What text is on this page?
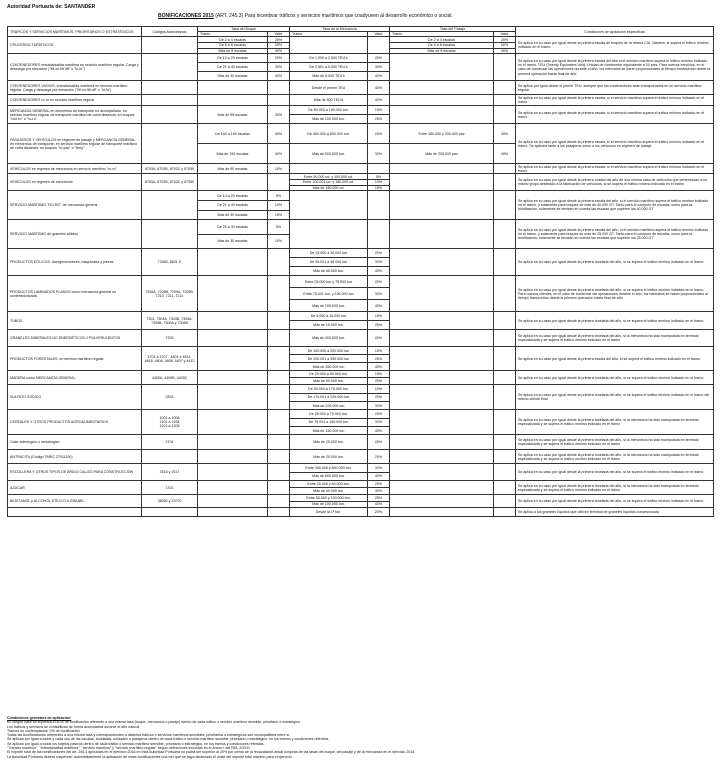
Autoridad Portuaria de: SANTANDER
BONIFICACIONES 2015 (ART. 245.3) Para incentivar tráficos y servicios marítimos que coadyuven al desarrollo económico o social.
TRÁFICOS Y SERVICIOS MARÍTIMOS, PRIORITARIOS O ESTRATÉGICOS	Códigos Arancelarios	Tasa del Buque		Tasa de la Mercancía		Tasa del Pasaje		Condiciones de aplicación específicas
		Tramo	Valor	Tramo	Valor	Tramo	Valor	
CRUCEROS TURÍSTICOS		De 2 a 4 escalas	20%			De 2 a 4 escalas	20%	Se aplica en su caso por igual desde la primera escala de buques de la misma CIA. Naviera, si supera el tráfico mínimo indicado en el tramo
		De 5 a 8 escalas	30%			De 5 a 8 escalas	30%	
		Más de 8 escalas	40%			Más de 8 escalas	40%	
CONTENEDORES entrada/salida marítima en servicio marítimo regular. Carga y descarga por elevación ("lift on-lift off" o "lo-lo")		De 10 a 20 escalas	20%	De 1.000 a 2.500 TEU's	20%			Se aplica en su caso por igual desde la primera escala del año si el servicio marítimo supera el tráfico mínimo indicado en el tramo. TEU (Twenty Equivalent Unit). Unidad de contenedor equivalente a 20 pies. Para nuevos servicios, en el caso de comenzar las operaciones durante el año, los intervalos se harán proporcionales al tiempo transcurrido desde la primera operación hasta final de año
		De 21 a 40 escalas	30%	De 2.501 a 5.000 TEU's	30%			
		Más de 40 escalas	40%	Más de 5.000 TEU's	40%			
CONTENEDORES VACÍOS, entrada/salida marítima en servicio marítimo regular. Carga y descarga por elevación ("lift on-lift off" o "lo-lo")				Desde el primer TEU	40%			Se aplica por igual desde el primer TEU, siempre que los contenedores sean transportados en un servicio marítimo regular
CONTENEDORES ro-ro en servicio marítimo regular				Más de 500 TEU's	40%			Se aplica en su caso por igual desde la primera escala, si el servicio marítimo supera el tráfico mínimo indicado en el tramo
MERCANCÍA GENERAL en elementos de transporte no acompañado, en servicio marítimo regular de transporte marítimo de corta distancia, en buques "con-ro" o "ro-ro"		Más de 95 escalas	30%	De 50.000 a 100.000 ton.	10%			Se aplica en su caso por igual desde la primera escala, si el servicio marítimo supera el tráfico mínimo indicado en el tramo
				Más de 100.000 ton.	20%			
PASAJEROS Y VEHÍCULOS en régimen de pasaje y MERCANCÍA GENERAL en elementos de transporte, en servicio marítimo regular de transporte marítimo de corta distancia, en buques "ro-pax" o "ferry"		De 150 a 190 escalas	30%	De 400.000 a 500.000 ton.	20%	Entre 180.000 y 200.000 pax	30%	Se aplica en su caso por igual desde la primera escala, si el servicio marítimo supera el tráfico mínimo indicado en el tramo. Se aplicará tanto a los pasajeros como a los vehículos en régimen de pasaje
		Más de 190 escalas	40%	Más de 500.000 ton.	30%	Más de 200.000 pax	40%	
VEHÍCULOS en régimen de mercancía en servicio marítimo "ro-ro"	8703A, 8703B, 8703C y 87050	Más de 90 escalas	10%					Se aplica en su caso por igual desde la primera escala, si el servicio marítimo supera el tráfico mínimo indicado en el tramo
VEHÍCULOS en régimen de mercancía	8703A, 8703B, 8703C y 87050			Entre 50.000 ud. y 100.000 ud.	5%			Se aplica en su caso por igual desde la primera unidad del año de una misma casa de vehículos que pertenezcan a un mismo grupo destinado a la fabricación de vehículos, si se supera el tráfico mínimo indicado en el tramo
				Entre 100.001 ud. y 180.000 ud.	10%			
				Más de 180.000 ud.	15%			
SERVICIO MARÍTIMO "RO-RO" de mercancía general		De 10 a 20 escalas	5%					Se aplica en su caso por igual desde la primera escala del año, si el servicio marítimo supera el tráfico mínimo indicado en el tramo, y solamente para buques de más de 40.000 GT. Tanto para el cómputo de escalas, como para la bonificación, solamente se tendrán en cuenta las escalas que superen los 40.000 GT
		De 21 a 40 escalas	10%					
		Más de 40 escalas	15%					
SERVICIO MARÍTIMO de graneles sólidos		De 20 a 30 escalas	5%					Se aplica en su caso por igual desde la primera escala del año, si el servicio marítimo supera el tráfico mínimo indicado en el tramo, y solamente para buques de más de 25.000 GT. Tanto para el cómputo de escalas, como para la bonificación, solamente se tendrán en cuenta las escalas que superen los 25.000 GT
		Más de 30 escalas	10%					
PRODUCTOS EÓLICOS. Aerogeneradores, maquinaria y piezas	73083, 8501 E			De 15.000 a 30.000 ton	20%			Se aplica en su caso por igual desde la primera tonelada del año, si se supera el tráfico mínimo indicado en el tramo
				De 30.001 a 45.000 ton	30%			
				Más de 45.000 ton.	40%			
PRODUCTOS LAMINADOS PLANOS como mercancía general no contenedorizada	7208A, 7208B, 7209A, 7209B, 7210, 7211, 7212			Entre 25.000 ton y 75.000 ton	20%			Se aplica en su caso por igual desde la primera tonelada del año, si se supera el tráfico mínimo indicado en el tramo. Para nuevos clientes, en el caso de comenzar las operaciones durante el año, los intervalos se harán proporcionales al tiempo transcurrido desde la primera operación hasta final de año
				Entre 75.001 ton. y 150.000 ton	30%			
				Más de 150.000 ton.	40%			
TUBOS	7303, 7304A, 7304B, 7305A, 7305B, 7306A y 7306B			De 5.000 a 15.000 ton	15%			Se aplica en su caso por igual desde la primera tonelada del año, si se supera el tráfico mínimo indicado en el tramo
				Más de 15.000 ton.	25%			
GRANELES MINERALES NO ENERGÉTICOS Y PULVERULENTOS	7203			Más de 400.000 ton.	20%			Se aplica en su caso por igual desde la primera tonelada del año, si la mercancía ha sido manipulada en terminal especializada y se supera el tráfico mínimo indicado en el tramo
PRODUCTOS FORESTALES, en servicio marítimo regular	4701 a 4707 , 4801 a 4814, 4816, 4806, 4808, 4407 y 4412			De 100.000 a 200.000 ton	15%			Se aplica en su caso por igual desde la primera escala del año, si se supera el tráfico mínimo indicado en el tramo
				De 200.001 a 350.000 ton	25%			
				Más de 350.000 ton	40%			
MADERA como MERCANCÍA GENERAL	4409A, 4409B, 4409C			De 20.000 a 50.000 ton.	15%			Se aplica en su caso por igual desde la primera tonelada del año, si se supera el tráfico mínimo indicado en el tramo
				Más de 50.000 ton.	25%			
SULFATO SÓDICO	2833			De 50.000 a 175.000 ton.	10%			Se aplica en su caso por igual desde la primera tonelada del año, si se supera el tráfico mínimo indicado en el tramo del mismo cliente final
				De 175.001 a 225.000 ton	20%			
				Más de 225.000 ton	30%			
CEREALES Y OTROS PRODUCTOS AGROALIMENTARIOS	1001 a 1008
1101 a 1108
1201 a 1208			De 25.000 a 75.000 ton.	20%			Se aplica en su caso por igual desde la primera tonelada del año, si la mercancía ha sido manipulada en terminal especializada y se supera el tráfico mínimo indicado en el tramo
				De 75.001 a 150.000 ton	30%			
				Más de 150.000 ton	40%			
Coke siderúrgico o metalúrgico	2704			Más de 25.000 ton.	25%			Se aplica en su caso por igual desde la primera tonelada del año, si la mercancía ha sido manipulada en terminal especializada y se supera el tráfico mínimo indicado en el tramo
ANTRACITA (Código TARIC 27011100)				Más de 20.000 ton.	20%			Se aplica en su caso por igual desde la primera tonelada del año, si la mercancía ha sido manipulada en terminal especializada y se supera el tráfico mínimo indicado en el tramo
ESCOLLERA Y OTROS TIPOS DE ÁRIDO CALIZO PARA CONSTRUCCIÓN	2516 y 2517			Entre 400.000 y 800.000 ton.	30%			Se aplica en su caso por igual desde la primera tonelada del año, si se supera el tráfico mínimo indicado en el tramo
				Más de 800.000 ton.	40%			
AZÚCAR	1701			Entre 20.000 y 40.000 ton.	20%			Se aplica en su caso por igual desde la primera tonelada del año, si la mercancía ha sido manipulada en terminal especializada y se supera el tráfico mínimo indicado en el tramo
				Más de 40.000 ton.	40%			
BIOETANOL y ALCOHOL ETÍLICO A GRANEL	38260 y 22070			Entre 50.000 y 100.000 ton.	25%			Se aplica en su caso por igual desde la primera tonelada del año, si se supera el tráfico mínimo indicado en el tramo
				Más de 100.000 ton.	40%			
				Desde la 1ª ton.	20%			Se aplica a los graneles líquidos que utilicen terminal de graneles líquidos concesionada
Condiciones generales de aplicación:
En ningún caso se superará el 40% de bonificación referente a una misma tasa (buque, mercancía o pasaje) dentro de cada tráfico o servicio marítimo sensible, prioritario o estratégico
Los tráficos y servicios se contabilizan de forma acumulativa durante el año natural
Tramos no contemplados: 0% de bonificación
Todas las bonificaciones referentes a una misma tasa y correspondientes a distintos tráficos o servicios marítimos sensibles, prioritarios o estratégicos son incompatibles entre sí.
Se aplican por igual a todos y cada uno de las escalas, toneladas, unidades o pasajeros dentro de cada tráfico o servicio marítimo sensible, prioritario o estratégico, en los tramos y condiciones referidos
Se aplican por igual a todos los sujetos pasivos dentro de cada tráfico o servicio marítimo sensible, prioritario o estratégico, en los tramos y condiciones referidos.
"Tránsito marítimo", "entrada/salida marítima", "servicio marítimo" y "servicio marítimo regular" según definiciones incluidas en el Anexo I del RDL 2/2011
El importe total de las bonificaciones del art. 245.3 aplicadas en el ejercicio 2016 en esta Autoridad Portuaria no podrá ser superior al 20% por ciento de la recaudación anual conjunta de las tasas del buque, del pasaje y de la mercancía en el ejercicio 2014,
La Autoridad Portuaria deberá suspender automáticamente la aplicación de estas bonificaciones una vez que se haya alcanzado el límite del importe total máximo para el ejercicio.
